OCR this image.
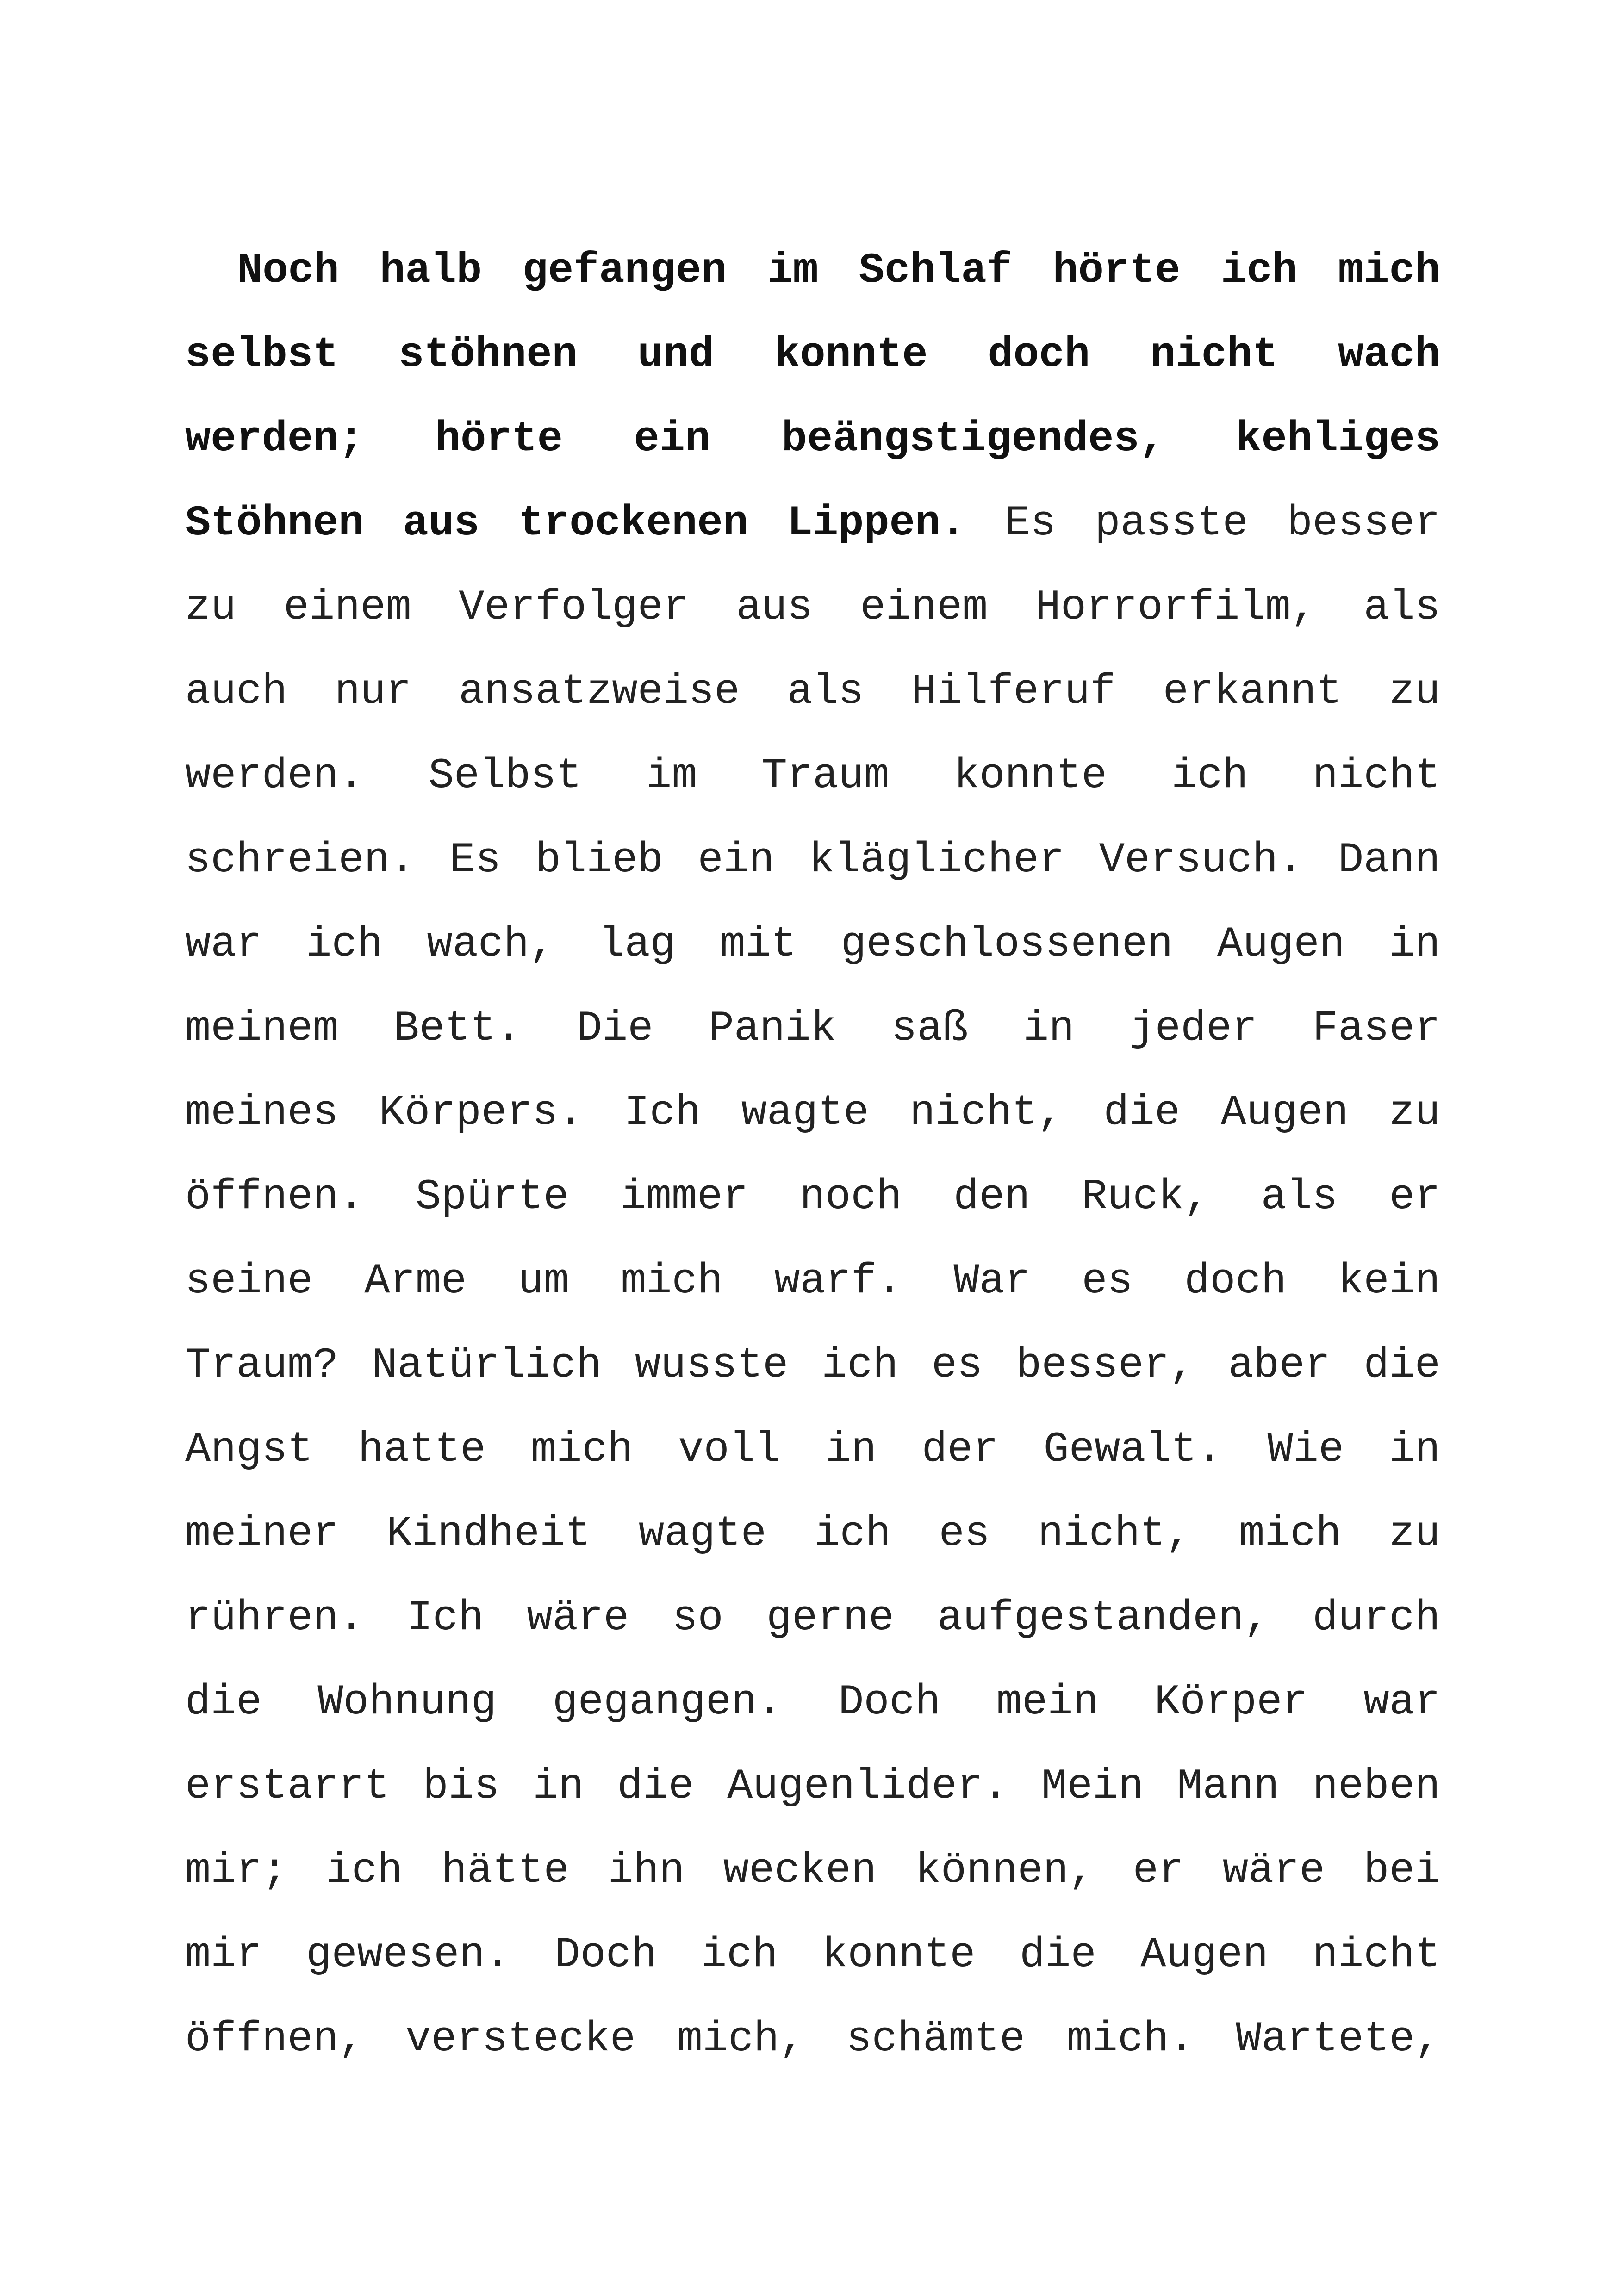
Noch halb gefangen im Schlaf hörte ich mich
selbst stöhnen und konnte doch nicht wach
werden; hörte ein beängstigendes, kehliges
Stöhnen aus trockenen Lippen. Es passte besser
zu einem Verfolger aus einem Horrorfilm, als
auch nur ansatzweise als Hilferuf erkannt zu
werden. Selbst im Traum konnte ich nicht
schreien. Es blieb ein kläglicher Versuch. Dann
war ich wach, lag mit geschlossenen Augen in
meinem Bett. Die Panik saß in jeder Faser
meines Körpers. Ich wagte nicht, die Augen zu
öffnen. Spürte immer noch den Ruck, als er
seine Arme um mich warf. War es doch kein
Traum? Natürlich wusste ich es besser, aber die
Angst hatte mich voll in der Gewalt. Wie in
meiner Kindheit wagte ich es nicht, mich zu
rühren. Ich wäre so gerne aufgestanden, durch
die Wohnung gegangen. Doch mein Körper war
erstarrt bis in die Augenlider. Mein Mann neben
mir; ich hätte ihn wecken können, er wäre bei
mir gewesen. Doch ich konnte die Augen nicht
öffnen, verstecke mich, schämte mich. Wartete,
